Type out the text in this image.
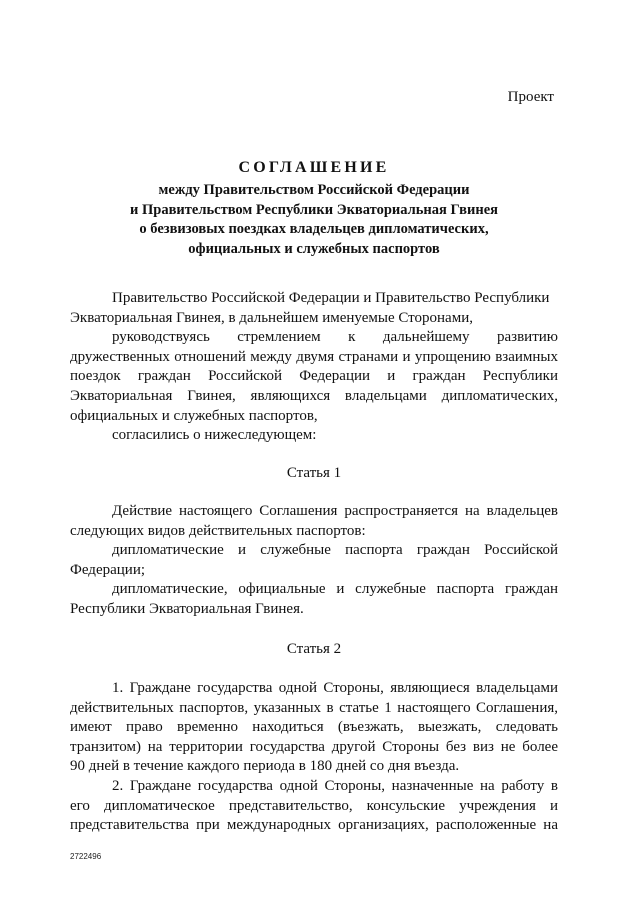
Проект
СОГЛАШЕНИЕ
между Правительством Российской Федерации
и Правительством Республики Экваториальная Гвинея
о безвизовых поездках владельцев дипломатических,
официальных и служебных паспортов
Правительство Российской Федерации и Правительство Республики
Экваториальная Гвинея, в дальнейшем именуемые Сторонами,
руководствуясь стремлением к дальнейшему развитию
дружественных отношений между двумя странами и упрощению взаимных
поездок граждан Российской Федерации и граждан Республики
Экваториальная Гвинея, являющихся владельцами дипломатических,
официальных и служебных паспортов,
согласились о нижеследующем:
Статья 1
Действие настоящего Соглашения распространяется на владельцев
следующих видов действительных паспортов:
дипломатические и служебные паспорта граждан Российской
Федерации;
дипломатические, официальные и служебные паспорта граждан
Республики Экваториальная Гвинея.
Статья 2
1. Граждане государства одной Стороны, являющиеся владельцами
действительных паспортов, указанных в статье 1 настоящего Соглашения,
имеют право временно находиться (въезжать, выезжать, следовать
транзитом) на территории государства другой Стороны без виз не более
90 дней в течение каждого периода в 180 дней со дня въезда.
2. Граждане государства одной Стороны, назначенные на работу в
его дипломатическое представительство, консульские учреждения и
представительства при международных организациях, расположенные на
2722496
